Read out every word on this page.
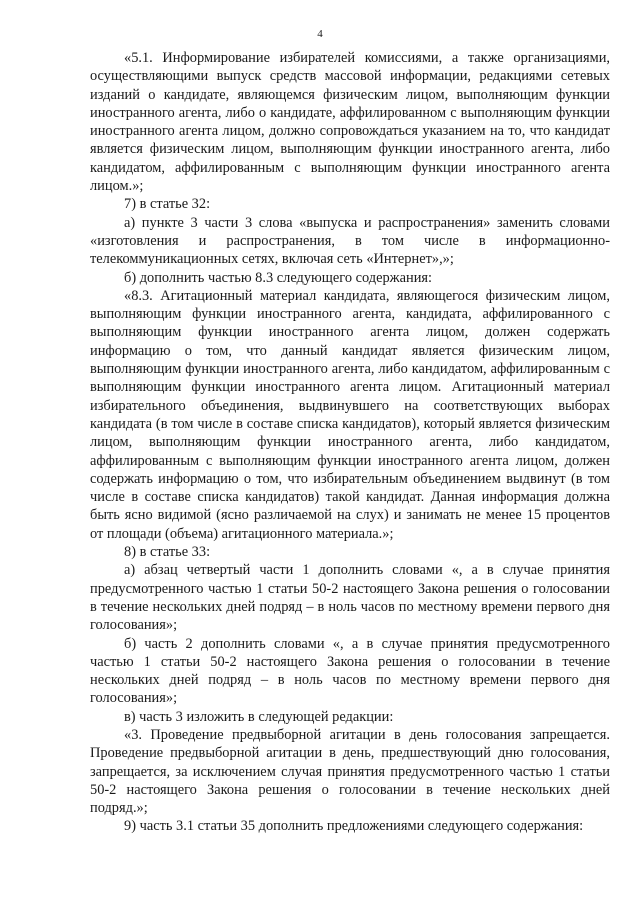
4

«5.1. Информирование избирателей комиссиями, а также организациями, осуществляющими выпуск средств массовой информации, редакциями сетевых изданий о кандидате, являющемся физическим лицом, выполняющим функции иностранного агента, либо о кандидате, аффилированном с выполняющим функции иностранного агента лицом, должно сопровождаться указанием на то, что кандидат является физическим лицом, выполняющим функции иностранного агента, либо кандидатом, аффилированным с выполняющим функции иностранного агента лицом.»;

7) в статье 32:

а) пункте 3 части 3 слова «выпуска и распространения» заменить словами «изготовления и распространения, в том числе в информационно-телекоммуникационных сетях, включая сеть «Интернет»,»;

б) дополнить частью 8.3 следующего содержания:

«8.3. Агитационный материал кандидата, являющегося физическим лицом, выполняющим функции иностранного агента, кандидата, аффилированного с выполняющим функции иностранного агента лицом, должен содержать информацию о том, что данный кандидат является физическим лицом, выполняющим функции иностранного агента, либо кандидатом, аффилированным с выполняющим функции иностранного агента лицом. Агитационный материал избирательного объединения, выдвинувшего на соответствующих выборах кандидата (в том числе в составе списка кандидатов), который является физическим лицом, выполняющим функции иностранного агента, либо кандидатом, аффилированным с выполняющим функции иностранного агента лицом, должен содержать информацию о том, что избирательным объединением выдвинут (в том числе в составе списка кандидатов) такой кандидат. Данная информация должна быть ясно видимой (ясно различаемой на слух) и занимать не менее 15 процентов от площади (объема) агитационного материала.»;

8) в статье 33:

а) абзац четвертый части 1 дополнить словами «, а в случае принятия предусмотренного частью 1 статьи 50-2 настоящего Закона решения о голосовании в течение нескольких дней подряд – в ноль часов по местному времени первого дня голосования»;

б) часть 2 дополнить словами «, а в случае принятия предусмотренного частью 1 статьи 50-2 настоящего Закона решения о голосовании в течение нескольких дней подряд – в ноль часов по местному времени первого дня голосования»;

в) часть 3 изложить в следующей редакции:

«3. Проведение предвыборной агитации в день голосования запрещается. Проведение предвыборной агитации в день, предшествующий дню голосования, запрещается, за исключением случая принятия предусмотренного частью 1 статьи 50-2 настоящего Закона решения о голосовании в течение нескольких дней подряд.»;

9) часть 3.1 статьи 35 дополнить предложениями следующего содержания:
